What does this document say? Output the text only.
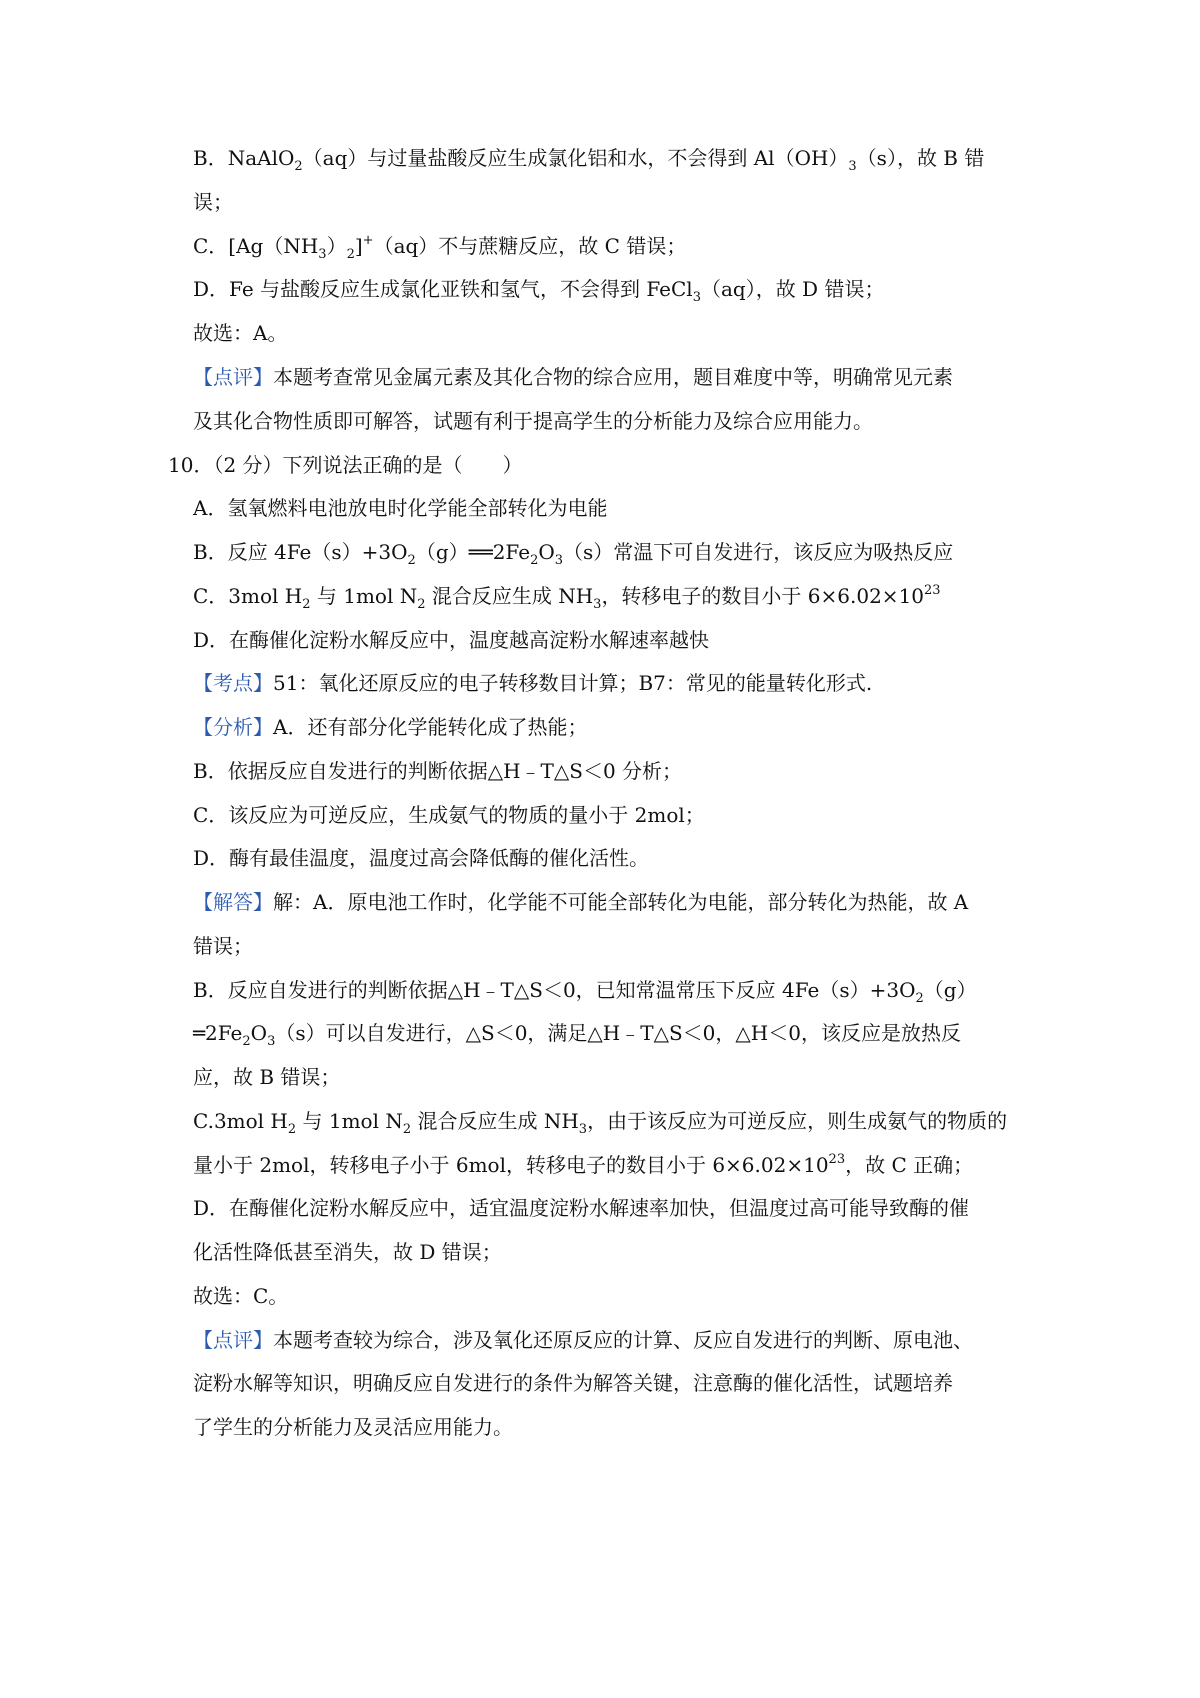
B．NaAlO$_2$（aq）与过量盐酸反应生成氯化铝和水，不会得到 $Al(OH)_3(s)$，故 B 错
误；
C．$[Ag(NH_3)_2]^+(aq)$不与蔗糖反应，故 C 错误；
D．Fe 与盐酸反应生成氯化亚铁和氢气，不会得到 FeCl$_3$（aq），故 D 错误；
故选：A。
【点评】本题考查常见金属元素及其化合物的综合应用，题目难度中等，明确常见元素
及其化合物性质即可解答，试题有利于提高学生的分析能力及综合应用能力。
10．（2 分）下列说法正确的是（　　）
A．氢氧燃料电池放电时化学能全部转化为电能
B．反应 $4Fe(s)+3O_2(g)══2Fe_2O_3(s)$常温下可自发进行，该反应为吸热反应
C．3mol $H_2$ 与 1mol $N_2$ 混合反应生成 $NH_3$，转移电子的数目小于 $6\times 6.02\times 10^{23}$
D．在酶催化淀粉水解反应中，温度越高淀粉水解速率越快
【考点】51：氧化还原反应的电子转移数目计算；B7：常见的能量转化形式.
【分析】A．还有部分化学能转化成了热能；
B．依据反应自发进行的判断依据△H﹣T△S＜0 分析；
C．该反应为可逆反应，生成氨气的物质的量小于 2mol；
D．酶有最佳温度，温度过高会降低酶的催化活性。
【解答】解：A．原电池工作时，化学能不可能全部转化为电能，部分转化为热能，故 A
错误；
B．反应自发进行的判断依据△H﹣T△S＜0，已知常温常压下反应 $4Fe(s)+3O_2(g)$
$═2Fe_2O_3(s)$可以自发进行，△S＜0，满足△H﹣T△S＜0，△H＜0，该反应是放热反
应，故 B 错误；
C.3mol $H_2$ 与 1mol $N_2$ 混合反应生成 $NH_3$，由于该反应为可逆反应，则生成氨气的物质的
量小于 2mol，转移电子小于 6mol，转移电子的数目小于 $6\times 6.02\times 10^{23}$，故 C 正确；
D．在酶催化淀粉水解反应中，适宜温度淀粉水解速率加快，但温度过高可能导致酶的催
化活性降低甚至消失，故 D 错误；
故选：C。
【点评】本题考查较为综合，涉及氧化还原反应的计算、反应自发进行的判断、原电池、
淀粉水解等知识，明确反应自发进行的条件为解答关键，注意酶的催化活性，试题培养
了学生的分析能力及灵活应用能力。
